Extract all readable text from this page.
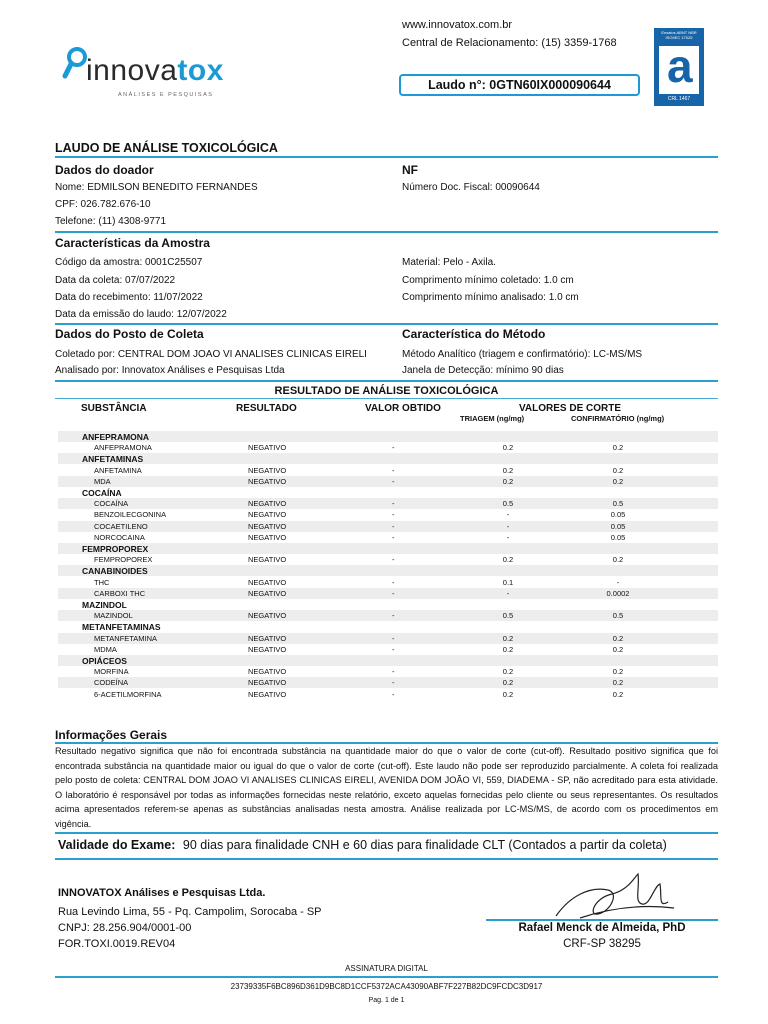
innovatox
ANÁLISES E PESQUISAS
www.innovatox.com.br
Central de Relacionamento: (15) 3359-1768
Laudo n°: 0GTN60IX000090644
Ensaios ABNT NBR ISO/IEC 17025
a
CRL 1467
LAUDO DE ANÁLISE TOXICOLÓGICA
Dados do doador	NF
Nome: EDMILSON BENEDITO FERNANDES	Número Doc. Fiscal: 00090644
CPF: 026.782.676-10
Telefone: (11) 4308-9771
Características da Amostra
Código da amostra: 0001C25507	Material: Pelo - Axila.
Data da coleta: 07/07/2022	Comprimento mínimo coletado: 1.0 cm
Data do recebimento: 11/07/2022	Comprimento mínimo analisado: 1.0 cm
Data da emissão do laudo: 12/07/2022
Dados do Posto de Coleta	Característica do Método
Coletado por: CENTRAL DOM JOAO VI ANALISES CLINICAS EIRELI	Método Analítico (triagem e confirmatório): LC-MS/MS
Analisado por: Innovatox Análises e Pesquisas Ltda	Janela de Detecção: mínimo 90 dias
RESULTADO DE ANÁLISE TOXICOLÓGICA
SUBSTÂNCIA	RESULTADO	VALOR OBTIDO	VALORES DE CORTE
TRIAGEM (ng/mg)	CONFIRMATÓRIO (ng/mg)
ANFEPRAMONA
ANFEPRAMONA	NEGATIVO	-	0.2	0.2
ANFETAMINAS
ANFETAMINA	NEGATIVO	-	0.2	0.2
MDA	NEGATIVO	-	0.2	0.2
COCAÍNA
COCAÍNA	NEGATIVO	-	0.5	0.5
BENZOILECGONINA	NEGATIVO	-	-	0.05
COCAETILENO	NEGATIVO	-	-	0.05
NORCOCAINA	NEGATIVO	-	-	0.05
FEMPROPOREX
FEMPROPOREX	NEGATIVO	-	0.2	0.2
CANABINOIDES
THC	NEGATIVO	-	0.1	-
CARBOXI THC	NEGATIVO	-	-	0.0002
MAZINDOL
MAZINDOL	NEGATIVO	-	0.5	0.5
METANFETAMINAS
METANFETAMINA	NEGATIVO	-	0.2	0.2
MDMA	NEGATIVO	-	0.2	0.2
OPIÁCEOS
MORFINA	NEGATIVO	-	0.2	0.2
CODEÍNA	NEGATIVO	-	0.2	0.2
6-ACETILMORFINA	NEGATIVO	-	0.2	0.2
Informações Gerais
Resultado negativo significa que não foi encontrada substância na quantidade maior do que o valor de corte (cut-off). Resultado positivo significa que foi encontrada substância na quantidade maior ou igual do que o valor de corte (cut-off). Este laudo não pode ser reproduzido parcialmente. A coleta foi realizada pelo posto de coleta: CENTRAL DOM JOAO VI ANALISES CLINICAS EIRELI, AVENIDA DOM JOÃO VI, 559, DIADEMA - SP, não acreditado para esta atividade. O laboratório é responsável por todas as informações fornecidas neste relatório, exceto aquelas fornecidas pelo cliente ou seus representantes. Os resultados acima apresentados referem-se apenas as substâncias analisadas nesta amostra. Análise realizada por LC-MS/MS, de acordo com os procedimentos em vigência.
Validade do Exame: 90 dias para finalidade CNH e 60 dias para finalidade CLT (Contados a partir da coleta)
INNOVATOX Análises e Pesquisas Ltda.
Rua Levindo Lima, 55 - Pq. Campolim, Sorocaba - SP
CNPJ: 28.256.904/0001-00
FOR.TOXI.0019.REV04
Rafael Menck de Almeida, PhD
CRF-SP 38295
ASSINATURA DIGITAL
23739335F6BC896D361D9BC8D1CCF5372ACA43090ABF7F227B82DC9FCDC3D917
Pag. 1 de 1
